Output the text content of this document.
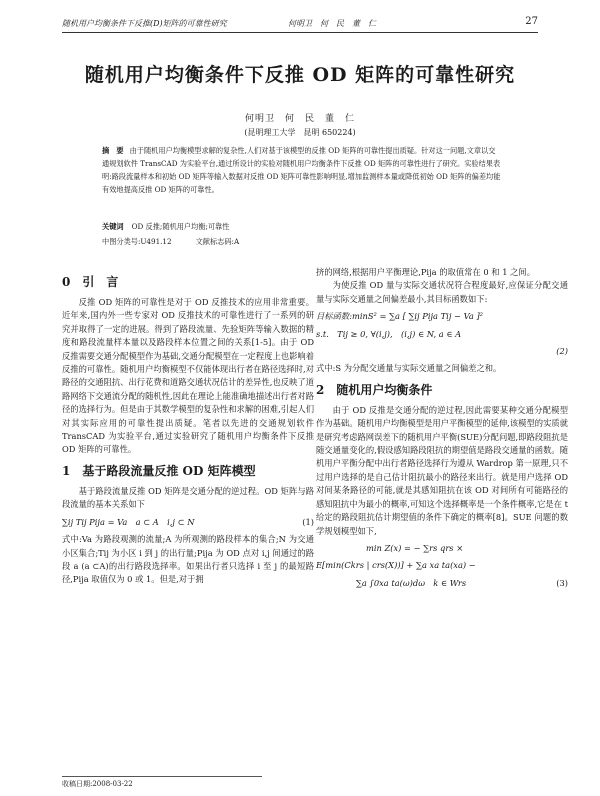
随机用户均衡条件下反推(D)矩阵的可靠性研究	何明卫　何　民　董　仁	27
随机用户均衡条件下反推 OD 矩阵的可靠性研究
何明卫　何　民　董　仁
(昆明理工大学　昆明 650224)
摘　要 由于随机用户均衡模型求解的复杂性,人们对基于该模型的反推 OD 矩阵的可靠性提出质疑。针对这一问题,文章以交通规划软件 TransCAD 为实验平台,通过所设计的实验对随机用户均衡条件下反推 OD 矩阵的可靠性进行了研究。实验结果表明:路段流量样本和初始 OD 矩阵等输入数据对反推 OD 矩阵可靠性影响明显,增加监测样本量或降低初始 OD 矩阵的偏差均能有效地提高反推 OD 矩阵的可靠性。
关键词 OD 反推;随机用户均衡;可靠性
中图分类号:U491.12	文献标志码:A
0 引　言

反推 OD 矩阵的可靠性是对于 OD 反推技术的应用非常重要。近年来,国内外一些专家对 OD 反推技术的可靠性进行了一系列的研究并取得了一定的进展。得到了路段流量、先验矩阵等输入数据的精度和路段流量样本量以及路段样本位置之间的关系[1-5]。由于 OD 反推需要交通分配模型作为基础,交通分配模型在一定程度上也影响着反推的可靠性。随机用户均衡模型不仅能体现出行者在路径选择时,对路径的交通阻抗、出行花费和道路交通状况估计的差异性,也反映了道路网络下交通流分配的随机性,因此在理论上能准确地描述出行者对路径的选择行为。但是由于其数学模型的复杂性和求解的困难,引起人们对其实际应用的可靠性提出质疑。笔者以先进的交通规划软件 TransCAD 为实验平台,通过实验研究了随机用户均衡条件下反推 OD 矩阵的可靠性。

1 基于路段流量反推 OD 矩阵模型

基于路段流量反推 OD 矩阵是交通分配的逆过程。OD 矩阵与路段流量的基本关系如下

∑ij Tij Pija = Va　a ⊂ A　i,j ⊂ N	(1)

式中:Va 为路段观测的流量;A 为所观测的路段样本的集合;N 为交通小区集合;Tij 为小区 i 到 j 的出行量;Pija 为 OD 点对 i,j 间通过的路段 a (a ⊂A)的出行路段选择率。如果出行者只选择 i 至 j 的最短路径,Pija 取值仅为 0 或 1。但是,对于拥

挤的网络,根据用户平衡理论,Pija 的取值常在 0 和 1 之间。

为使反推 OD 量与实际交通状况符合程度最好,应保证分配交通量与实际交通量之间偏差最小,其目标函数如下:

目标函数:minS² = ∑a [ ∑ij Pija Tij − Va ]²
s.t.　Tij ≥ 0, ∀(i,j),　(i,j) ∈ N, a ∈ A
(2)

式中:S 为分配交通量与实际交通量之间偏差之和。

2 随机用户均衡条件

由于 OD 反推是交通分配的逆过程,因此需要某种交通分配模型作为基础。随机用户均衡模型是用户平衡模型的延伸,该模型的实质就是研究考虑路网误差下的随机用户平衡(SUE)分配问题,即路段阻抗是随交通量变化的,假设感知路段阻抗的期望值是路段交通量的函数。随机用户平衡分配中出行者路径选择行为遵从 Wardrop 第一原理,只不过用户选择的是自己估计阻抗最小的路径来出行。就是用户选择 OD 对间某条路径的可能,就是其感知阻抗在该 OD 对间所有可能路径的感知阻抗中为最小的概率,可知这个选择概率是一个条件概率,它是在 t 给定的路段阻抗估计期望值的条件下确定的概率[8]。SUE 问题的数学规划模型如下,

min Z(x) = − ∑rs qrs ×
E[min(Ckrs | crs(X))] + ∑a xa ta(xa) −
∑a ∫0xa ta(ω)dω　k ∈ Wrs	(3)
收稿日期:2008-03-22
